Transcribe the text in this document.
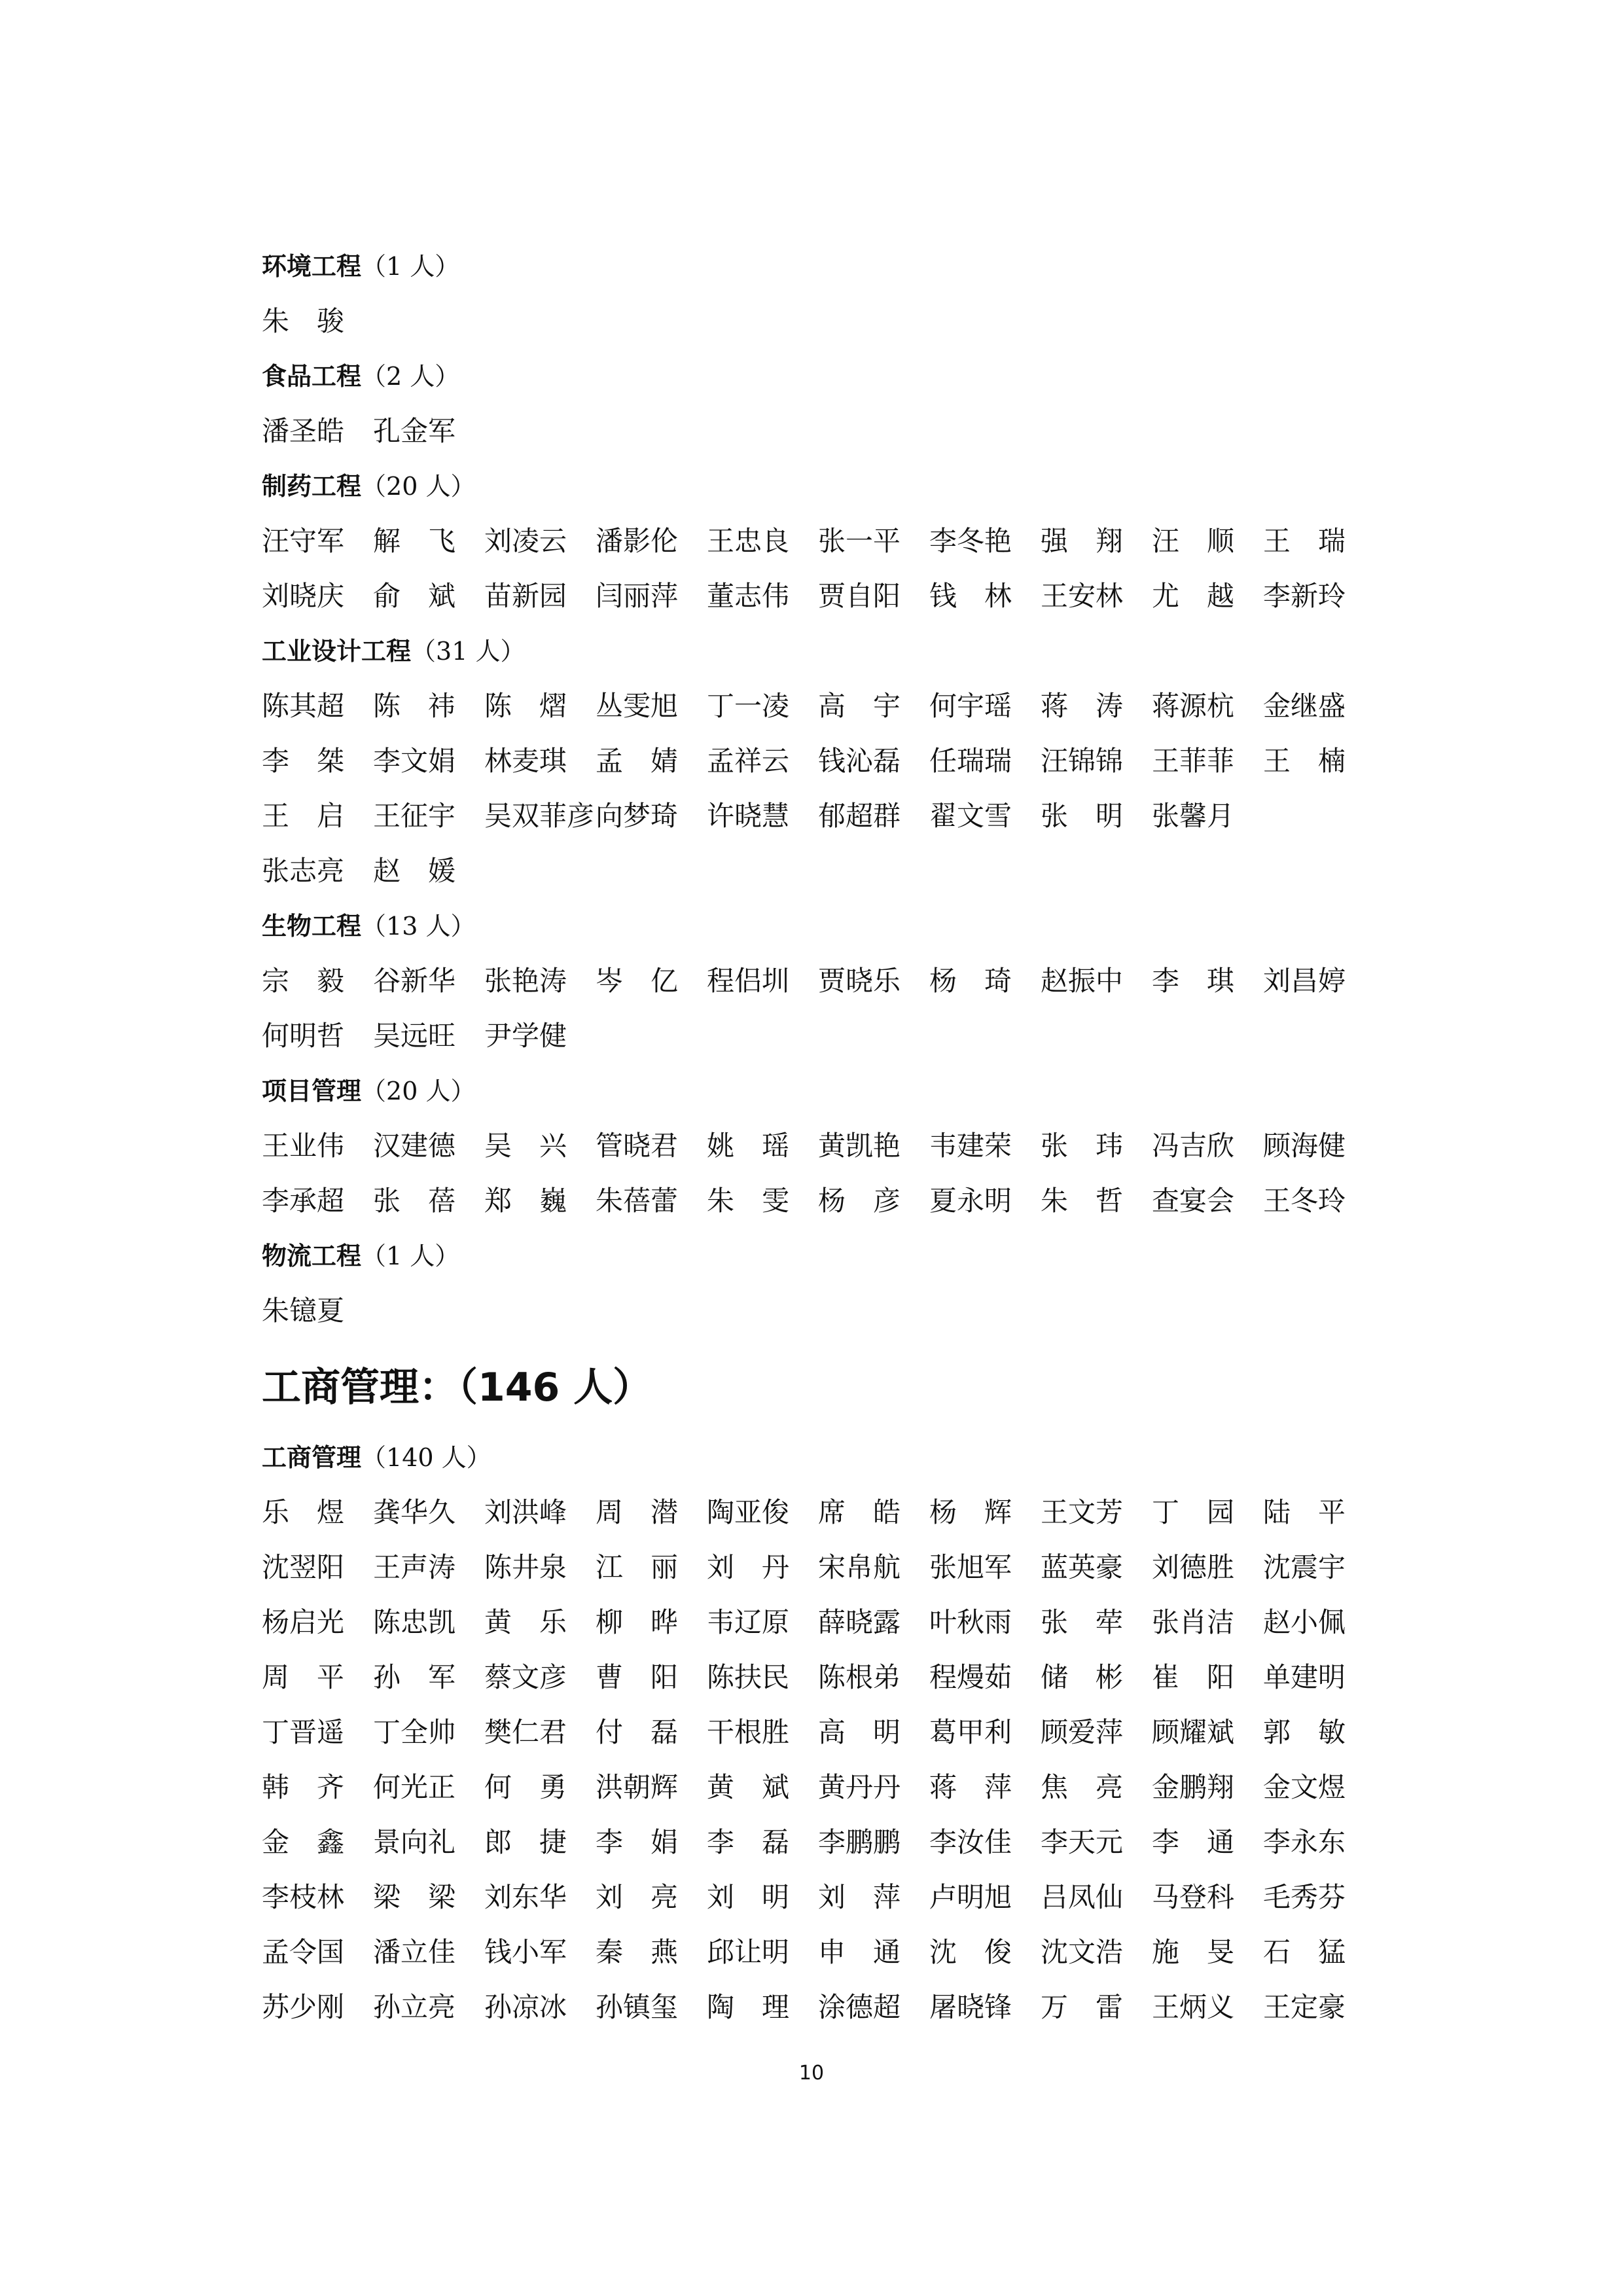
环境工程（1 人）
朱　骏
食品工程（2 人）
潘圣皓	孔金军
制药工程（20 人）
汪守军	解　飞	刘凌云	潘影伦	王忠良	张一平	李冬艳	强　翔	汪　顺	王　瑞
刘晓庆	俞　斌	苗新园	闫丽萍	董志伟	贾自阳	钱　林	王安林	尤　越	李新玲
工业设计工程（31 人）
陈其超	陈　祎	陈　熠	丛雯旭	丁一凌	高　宇	何宇瑶	蒋　涛	蒋源杭	金继盛
李　桀	李文娟	林麦琪	孟　婧	孟祥云	钱沁磊	任瑞瑞	汪锦锦	王菲菲	王　楠
王　启	王征宇	吴双菲彦 向梦琦	许晓慧	郁超群	翟文雪	张　明	张馨月
张志亮	赵　媛
生物工程（13 人）
宗　毅	谷新华	张艳涛	岑　亿	程侣圳	贾晓乐	杨　琦	赵振中	李　琪	刘昌婷
何明哲	吴远旺	尹学健
项目管理（20 人）
王业伟	汉建德	吴　兴	管晓君	姚　瑶	黄凯艳	韦建荣	张　玮	冯吉欣	顾海健
李承超	张　蓓	郑　巍	朱蓓蕾	朱　雯	杨　彦	夏永明	朱　哲	查宴会	王冬玲
物流工程（1 人）
朱镱夏
工商管理：（146 人）
工商管理（140 人）
乐　煜	龚华久	刘洪峰	周　潜	陶亚俊	席　皓	杨　辉	王文芳	丁　园	陆　平
沈翌阳	王声涛	陈井泉	江　丽	刘　丹	宋帛航	张旭军	蓝英豪	刘德胜	沈震宇
杨启光	陈忠凯	黄　乐	柳　晔	韦辽原	薛晓露	叶秋雨	张　荦	张肖洁	赵小佩
周　平	孙　军	蔡文彦	曹　阳	陈扶民	陈根弟	程熳茹	储　彬	崔　阳	单建明
丁晋遥	丁全帅	樊仁君	付　磊	干根胜	高　明	葛甲利	顾爱萍	顾耀斌	郭　敏
韩　齐	何光正	何　勇	洪朝辉	黄　斌	黄丹丹	蒋　萍	焦　亮	金鹏翔	金文煜
金　鑫	景向礼	郎　捷	李　娟	李　磊	李鹏鹏	李汝佳	李天元	李　通	李永东
李枝林	梁　梁	刘东华	刘　亮	刘　明	刘　萍	卢明旭	吕凤仙	马登科	毛秀芬
孟令国	潘立佳	钱小军	秦　燕	邱让明	申　通	沈　俊	沈文浩	施　旻	石　猛
苏少刚	孙立亮	孙凉冰	孙镇玺	陶　理	涂德超	屠晓锋	万　雷	王炳义	王定豪
10
